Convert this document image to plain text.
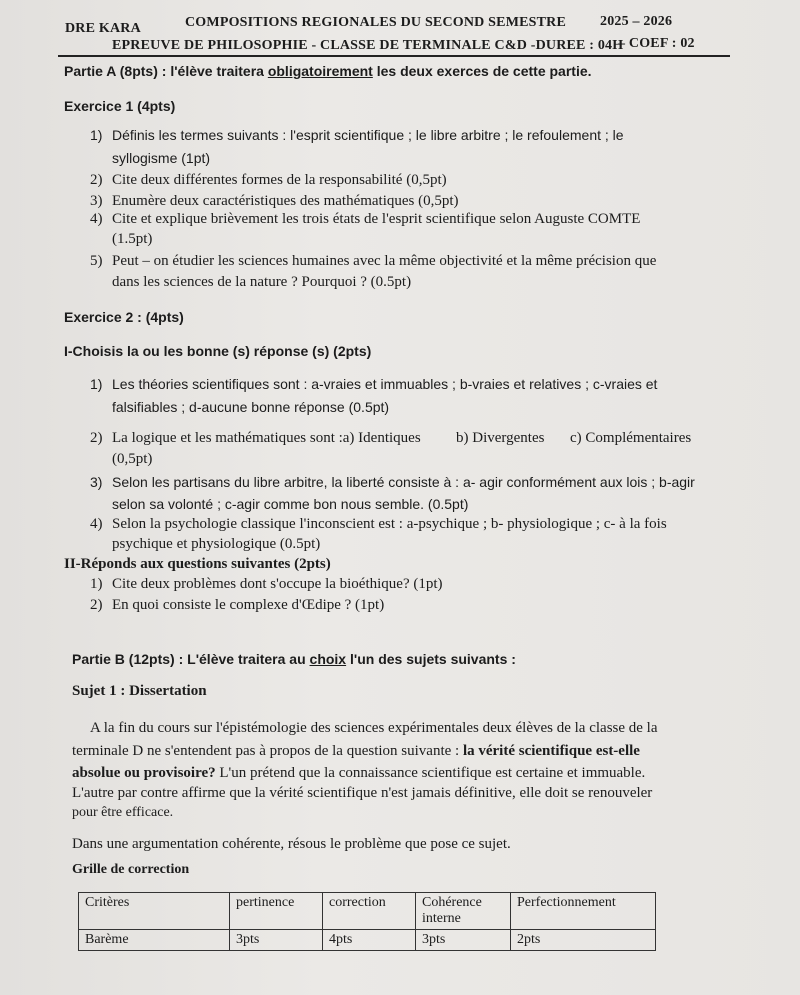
DRE KARA	COMPOSITIONS REGIONALES DU SECOND SEMESTRE 2025 – 2026
EPREUVE DE PHILOSOPHIE - CLASSE DE TERMINALE C&D -DUREE : 04H
– COEF : 02
Partie A (8pts) : l'élève traitera obligatoirement les deux exerces de cette partie.
Exercice 1 (4pts)
1) Définis les termes suivants : l'esprit scientifique ; le libre arbitre ; le refoulement ; le
syllogisme (1pt)
2) Cite deux différentes formes de la responsabilité (0,5pt)
3) Enumère deux caractéristiques des mathématiques (0,5pt)
4) Cite et explique brièvement les trois états de l'esprit scientifique selon Auguste COMTE
(1.5pt)
5) Peut – on étudier les sciences humaines avec la même objectivité et la même précision que
dans les sciences de la nature ? Pourquoi ? (0.5pt)
Exercice 2 : (4pts)
I-Choisis la ou les bonne (s) réponse (s) (2pts)
1) Les théories scientifiques sont : a-vraies et immuables ; b-vraies et relatives ; c-vraies et
falsifiables ; d-aucune bonne réponse (0.5pt)
2) La logique et les mathématiques sont :a) Identiques b) Divergentes c) Complémentaires
(0,5pt)
3) Selon les partisans du libre arbitre, la liberté consiste à : a- agir conformément aux lois ; b-agir
selon sa volonté ; c-agir comme bon nous semble. (0.5pt)
4) Selon la psychologie classique l'inconscient est : a-psychique ; b- physiologique ; c- à la fois
psychique et physiologique (0.5pt)
II-Réponds aux questions suivantes (2pts)
1) Cite deux problèmes dont s'occupe la bioéthique? (1pt)
2) En quoi consiste le complexe d'Œdipe ? (1pt)
Partie B (12pts) : L'élève traitera au choix l'un des sujets suivants :
Sujet 1 : Dissertation
A la fin du cours sur l'épistémologie des sciences expérimentales deux élèves de la classe de la
terminale D ne s'entendent pas à propos de la question suivante : la vérité scientifique est-elle
absolue ou provisoire? L'un prétend que la connaissance scientifique est certaine et immuable.
L'autre par contre affirme que la vérité scientifique n'est jamais définitive, elle doit se renouveler
pour être efficace.
Dans une argumentation cohérente, résous le problème que pose ce sujet.
Grille de correction
Critères	pertinence	correction	Cohérence interne	Perfectionnement
Barème	3pts	4pts	3pts	2pts
